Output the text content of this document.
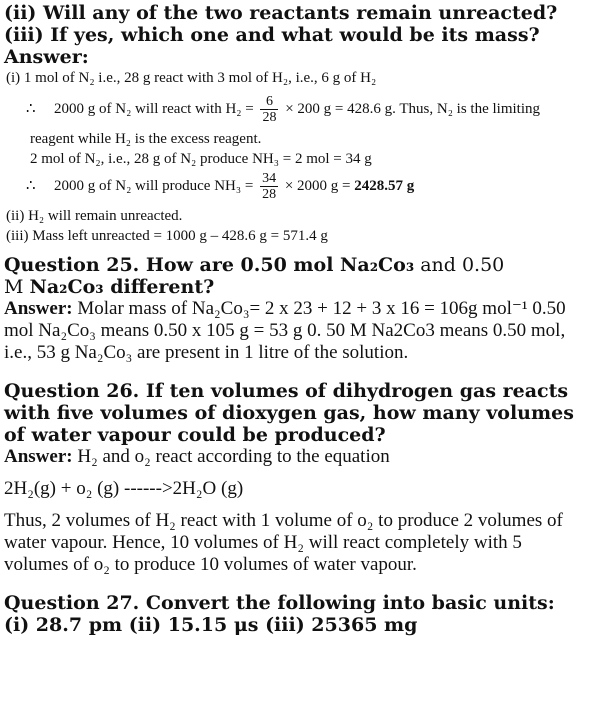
(ii) Will any of the two reactants remain unreacted?

(iii) If yes, which one and what would be its mass?

Answer:

(i) 1 mol of N₂ i.e., 28 g react with 3 mol of H₂, i.e., 6 g of H₂

∴ 2000 g of N₂ will react with $H_2 = \frac{6}{28} \times 200$ g = 428.6 g. Thus, N₂ is the limiting

reagent while H₂ is the excess reagent.

2 mol of N₂, i.e., 28 g of N₂ produce NH₃ = 2 mol = 34 g

∴ 2000 g of N₂ will produce $NH_3 = \frac{34}{28} \times 2000$ g = 2428.57 g

(ii) H₂ will remain unreacted.

(iii) Mass left unreacted = 1000 g – 428.6 g = 571.4 g

Question 25. How are 0.50 mol Na₂Co₃ and 0.50
M Na₂Co₃ different?

Answer: Molar mass of Na₂Co₃= 2 x 23 + 12 + 3 x 16 = 106g mol⁻¹ 0.50 mol Na₂Co₃ means 0.50 x 105 g = 53 g 0. 50 M Na2Co3 means 0.50 mol, i.e., 53 g Na₂Co₃ are present in 1 litre of the solution.

Question 26. If ten volumes of dihydrogen gas reacts with five volumes of dioxygen gas, how many volumes of water vapour could be produced?

Answer: H₂ and o₂ react according to the equation

2H₂(g) + o₂ (g) ------>2H₂O (g)

Thus, 2 volumes of H₂ react with 1 volume of o₂ to produce 2 volumes of water vapour. Hence, 10 volumes of H₂ will react completely with 5 volumes of o₂ to produce 10 volumes of water vapour.

Question 27. Convert the following into basic units: (i) 28.7 pm (ii) 15.15 μs (iii) 25365 mg
